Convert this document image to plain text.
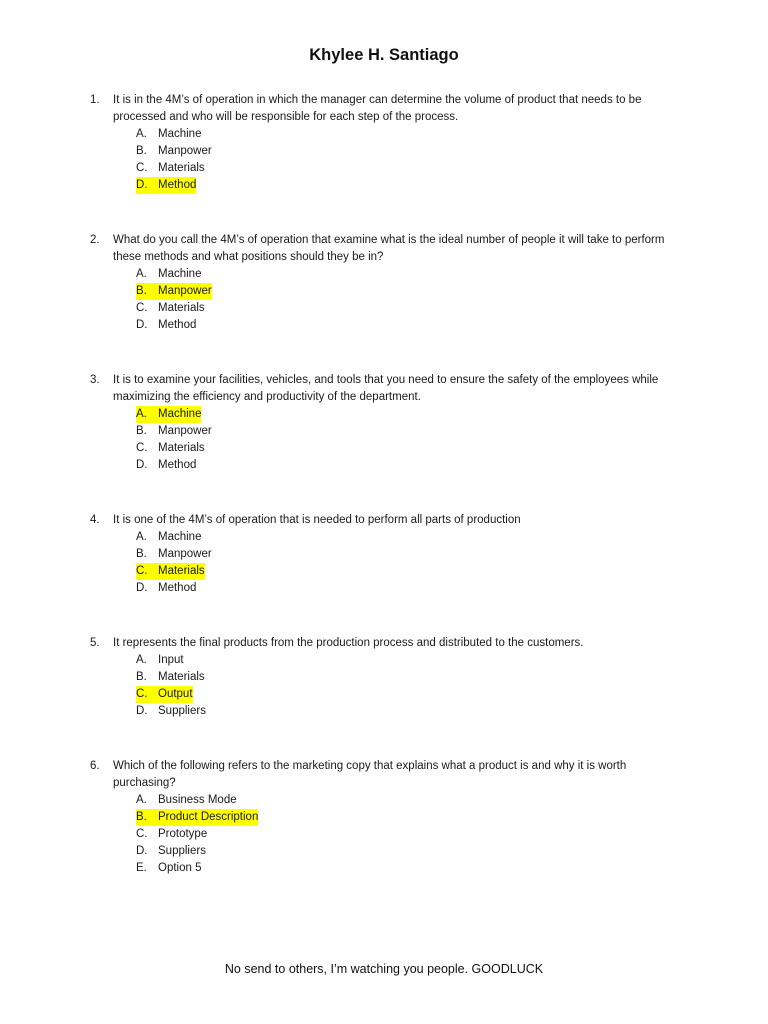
Khylee H. Santiago
1.	It is in the 4M’s of operation in which the manager can determine the volume of product that needs to be processed and who will be responsible for each step of the process.
A. Machine
B. Manpower
C. Materials
D. Method
2.	What do you call the 4M’s of operation that examine what is the ideal number of people it will take to perform these methods and what positions should they be in?
A. Machine
B. Manpower
C. Materials
D. Method
3.	It is to examine your facilities, vehicles, and tools that you need to ensure the safety of the employees while maximizing the efficiency and productivity of the department.
A. Machine
B. Manpower
C. Materials
D. Method
4.	It is one of the 4M’s of operation that is needed to perform all parts of production
A. Machine
B. Manpower
C. Materials
D. Method
5.	It represents the final products from the production process and distributed to the customers.
A. Input
B. Materials
C. Output
D. Suppliers
6.	Which of the following refers to the marketing copy that explains what a product is and why it is worth purchasing?
A. Business Mode
B. Product Description
C. Prototype
D. Suppliers
E. Option 5
No send to others, I’m watching you people. GOODLUCK
